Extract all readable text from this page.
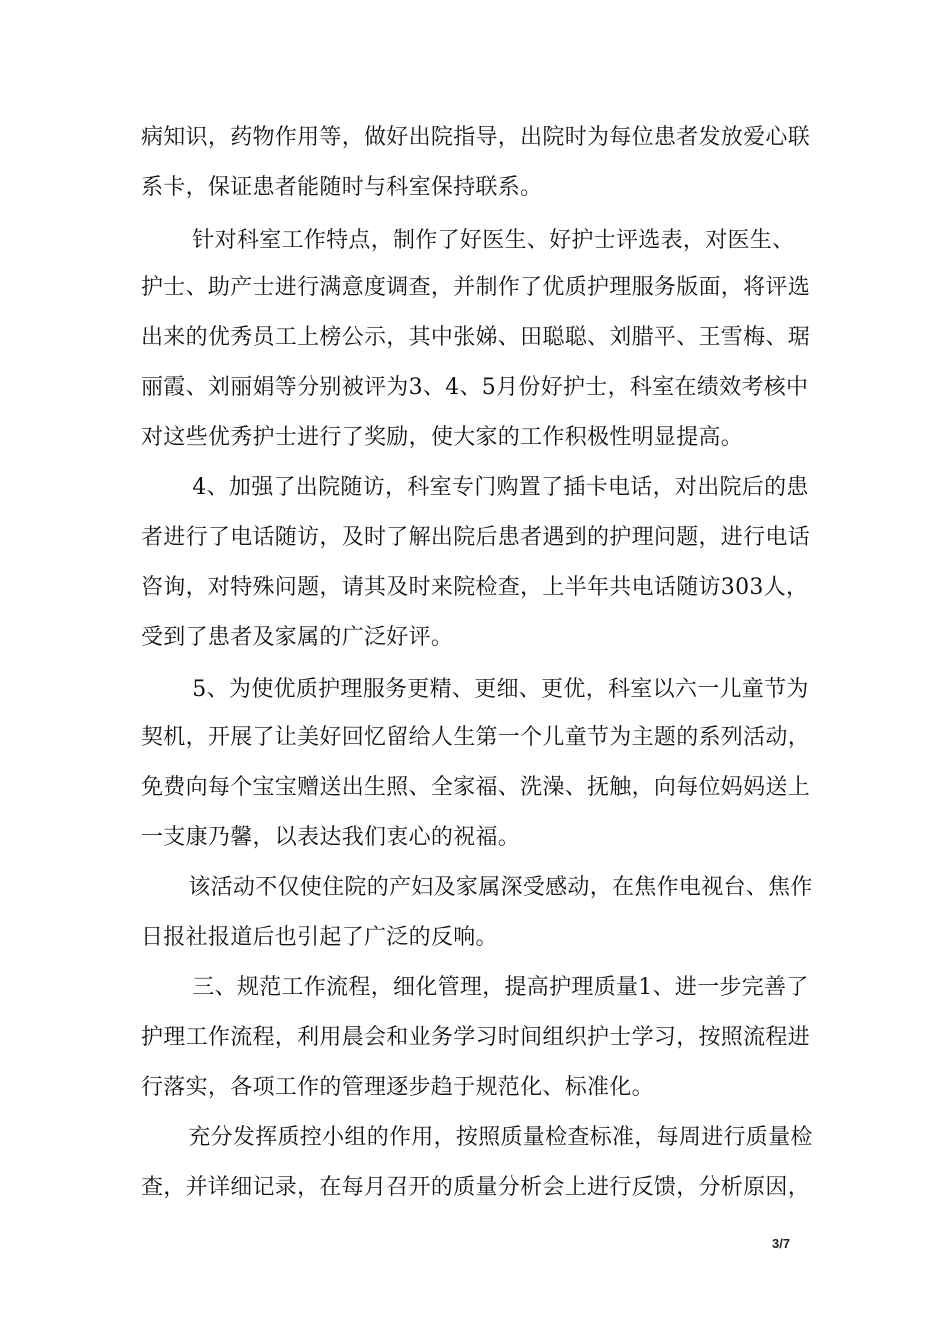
病知识，药物作用等，做好出院指导，出院时为每位患者发放爱心联
系卡，保证患者能随时与科室保持联系。
　针对科室工作特点，制作了好医生、好护士评选表，对医生、
护士、助产士进行满意度调查，并制作了优质护理服务版面，将评选
出来的优秀员工上榜公示，其中张娣、田聪聪、刘腊平、王雪梅、琚
丽霞、刘丽娟等分别被评为3、4、5月份好护士，科室在绩效考核中
对这些优秀护士进行了奖励，使大家的工作积极性明显提高。
　4、加强了出院随访，科室专门购置了插卡电话，对出院后的患
者进行了电话随访，及时了解出院后患者遇到的护理问题，进行电话
咨询，对特殊问题，请其及时来院检查，上半年共电话随访303人，
受到了患者及家属的广泛好评。
　5、为使优质护理服务更精、更细、更优，科室以六一儿童节为
契机，开展了让美好回忆留给人生第一个儿童节为主题的系列活动，
免费向每个宝宝赠送出生照、全家福、洗澡、抚触，向每位妈妈送上
一支康乃馨，以表达我们衷心的祝福。
　该活动不仅使住院的产妇及家属深受感动，在焦作电视台、焦作
日报社报道后也引起了广泛的反响。
　三、规范工作流程，细化管理，提高护理质量1、进一步完善了
护理工作流程，利用晨会和业务学习时间组织护士学习，按照流程进
行落实，各项工作的管理逐步趋于规范化、标准化。
　充分发挥质控小组的作用，按照质量检查标准，每周进行质量检
查，并详细记录，在每月召开的质量分析会上进行反馈，分析原因，
3/7
